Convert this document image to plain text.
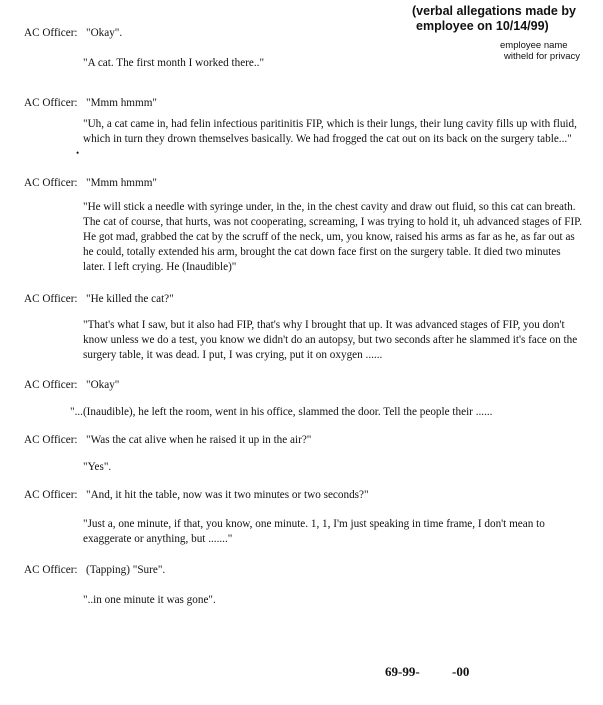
(verbal allegations made by
employee on 10/14/99)
employee name
witheld for privacy
AC Officer: "Okay".
"A cat. The first month I worked there.."
AC Officer: "Mmm hmmm"
"Uh, a cat came in, had felin infectious paritinitis FIP, which is their lungs, their lung cavity fills up with fluid, which in turn they drown themselves basically. We had frogged the cat out on its back on the surgery table..."
•
AC Officer: "Mmm hmmm"
"He will stick a needle with syringe under, in the, in the chest cavity and draw out fluid, so this cat can breath. The cat of course, that hurts, was not cooperating, screaming, I was trying to hold it, uh advanced stages of FIP. He got mad, grabbed the cat by the scruff of the neck, um, you know, raised his arms as far as he, as far out as he could, totally extended his arm, brought the cat down face first on the surgery table. It died two minutes later. I left crying. He (Inaudible)"
AC Officer: "He killed the cat?"
"That's what I saw, but it also had FIP, that's why I brought that up. It was advanced stages of FIP, you don't know unless we do a test, you know we didn't do an autopsy, but two seconds after he slammed it's face on the surgery table, it was dead. I put, I was crying, put it on oxygen ......
AC Officer: "Okay"
"...(Inaudible), he left the room, went in his office, slammed the door. Tell the people their ......
AC Officer: "Was the cat alive when he raised it up in the air?"
"Yes".
AC Officer: "And, it hit the table, now was it two minutes or two seconds?"
"Just a, one minute, if that, you know, one minute. 1, 1, I'm just speaking in time frame, I don't mean to exaggerate or anything, but ......."
AC Officer: (Tapping) "Sure".
"..in one minute it was gone".
69-99- -00
